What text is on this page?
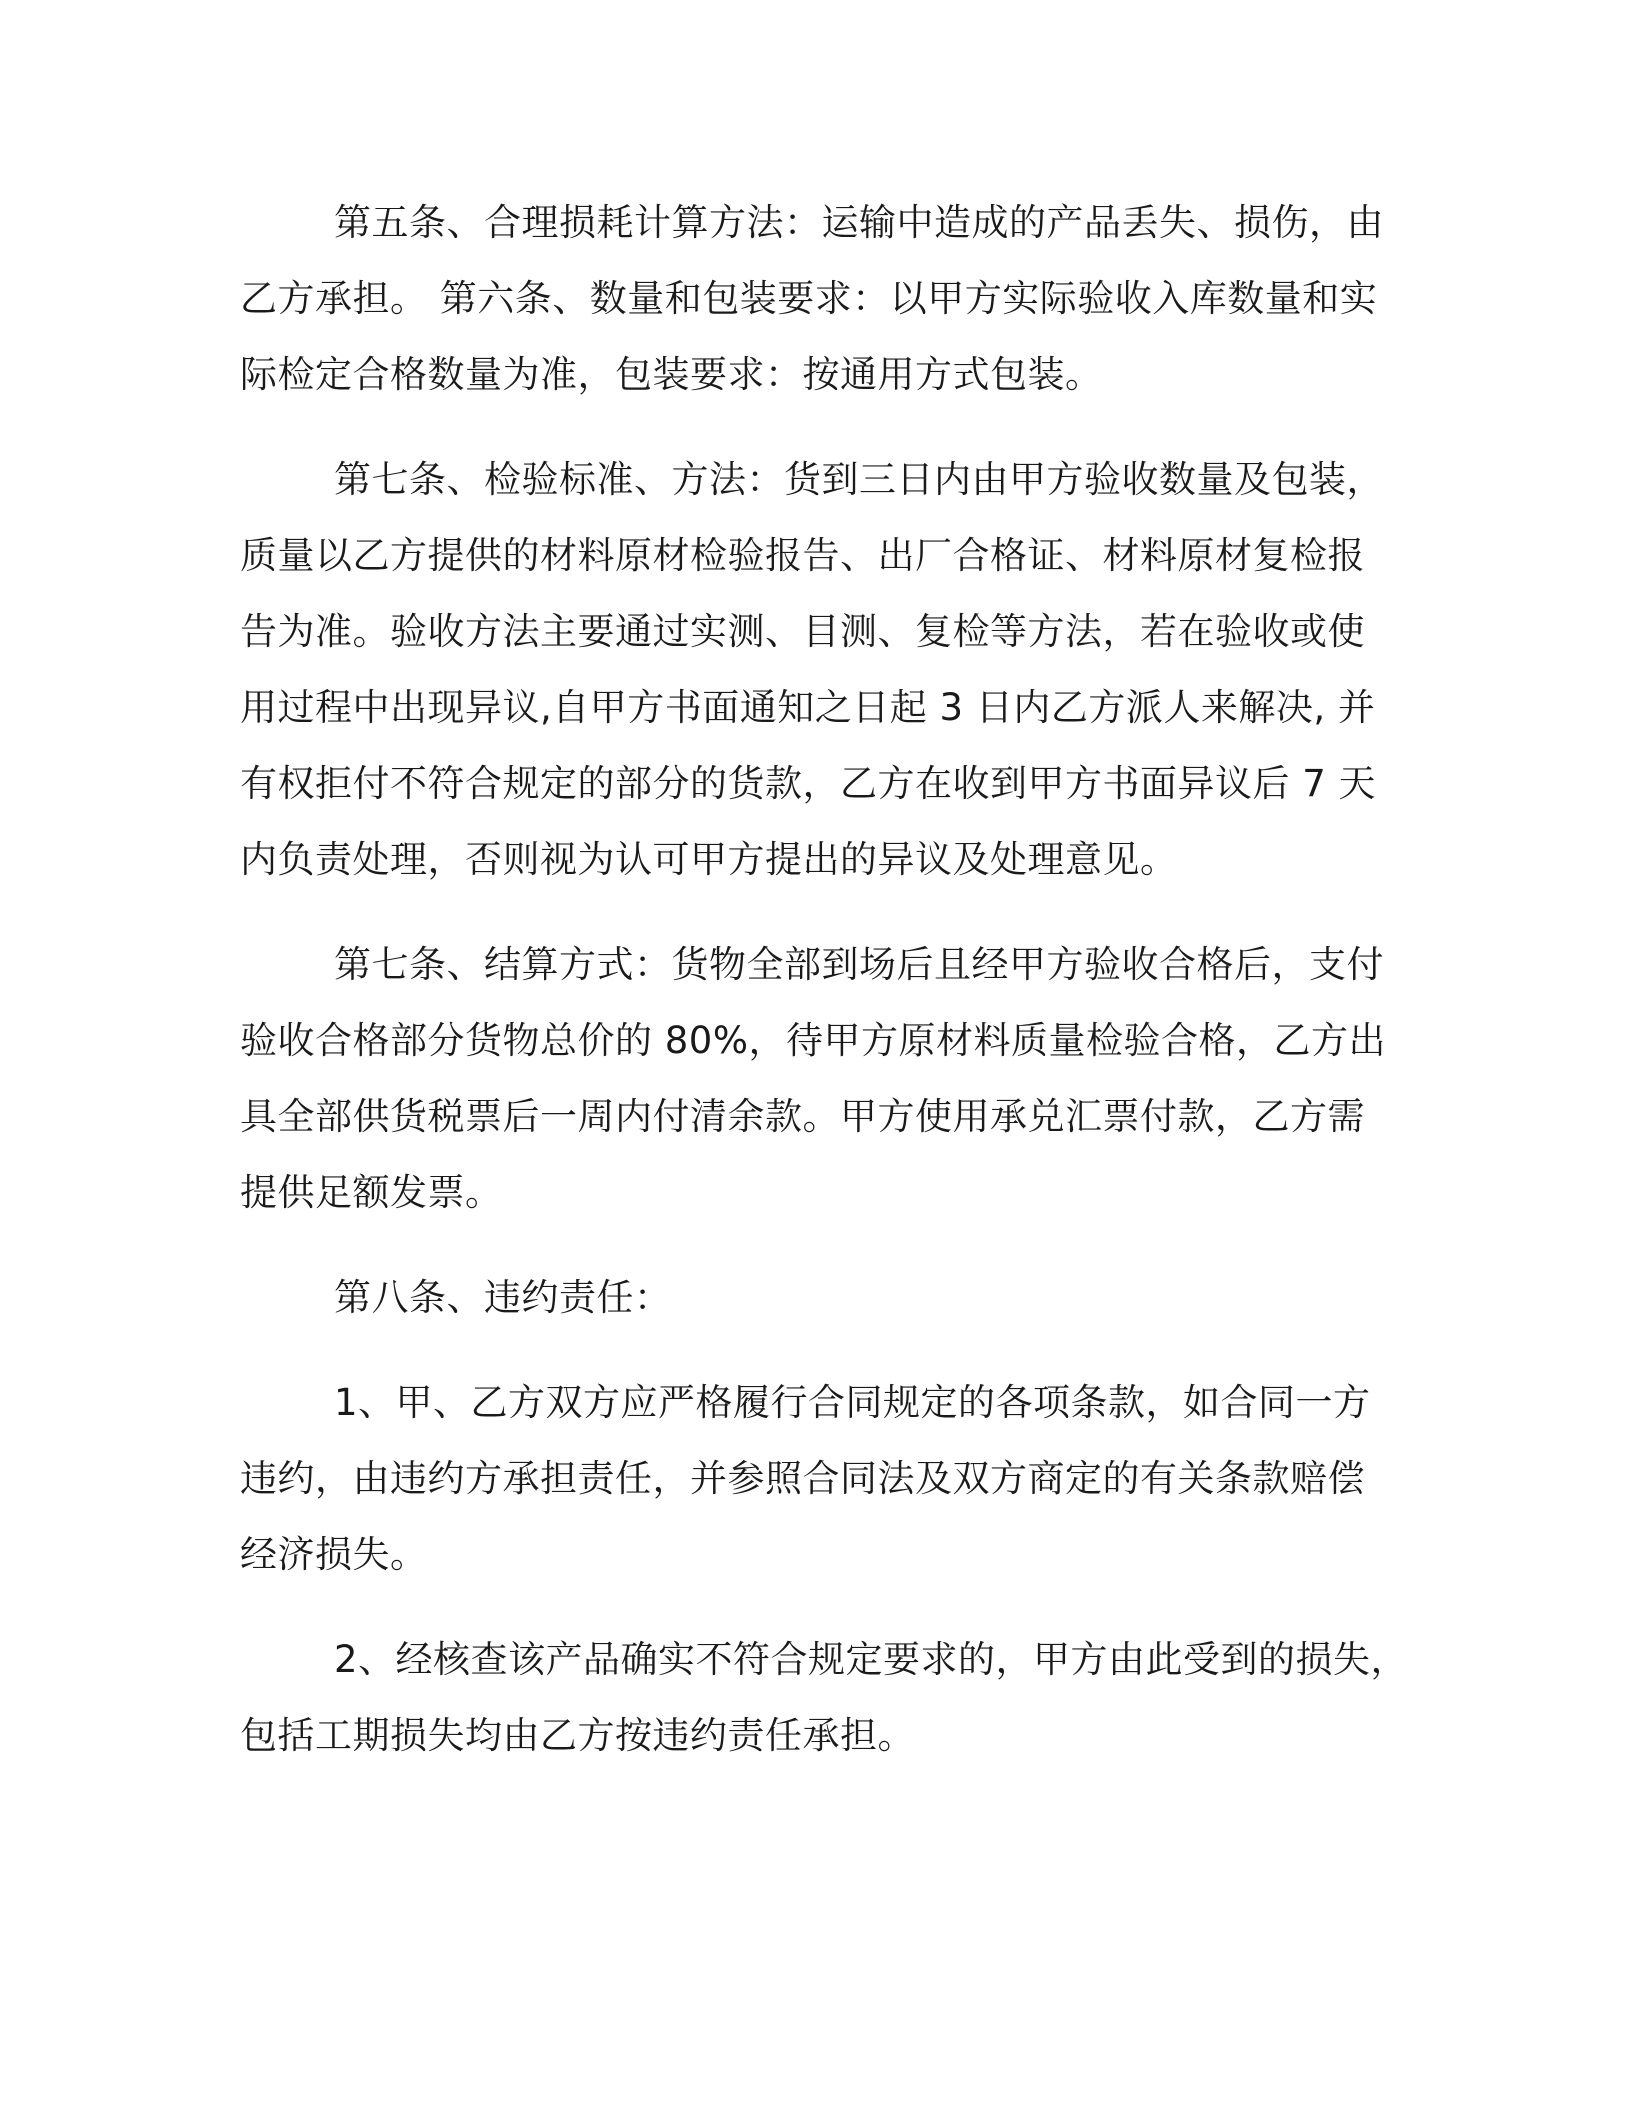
第五条、合理损耗计算方法：运输中造成的产品丢失、损伤，由
乙方承担。 第六条、数量和包装要求：以甲方实际验收入库数量和实
际检定合格数量为准，包装要求：按通用方式包装。

第七条、检验标准、方法：货到三日内由甲方验收数量及包装，
质量以乙方提供的材料原材检验报告、出厂合格证、材料原材复检报
告为准。验收方法主要通过实测、目测、复检等方法，若在验收或使
用过程中出现异议,自甲方书面通知之日起 3 日内乙方派人来解决, 并
有权拒付不符合规定的部分的货款，乙方在收到甲方书面异议后 7 天
内负责处理，否则视为认可甲方提出的异议及处理意见。

第七条、结算方式：货物全部到场后且经甲方验收合格后，支付
验收合格部分货物总价的 80%，待甲方原材料质量检验合格，乙方出
具全部供货税票后一周内付清余款。甲方使用承兑汇票付款，乙方需
提供足额发票。

第八条、违约责任：

1、甲、乙方双方应严格履行合同规定的各项条款，如合同一方
违约，由违约方承担责任，并参照合同法及双方商定的有关条款赔偿
经济损失。

2、经核查该产品确实不符合规定要求的，甲方由此受到的损失，
包括工期损失均由乙方按违约责任承担。
